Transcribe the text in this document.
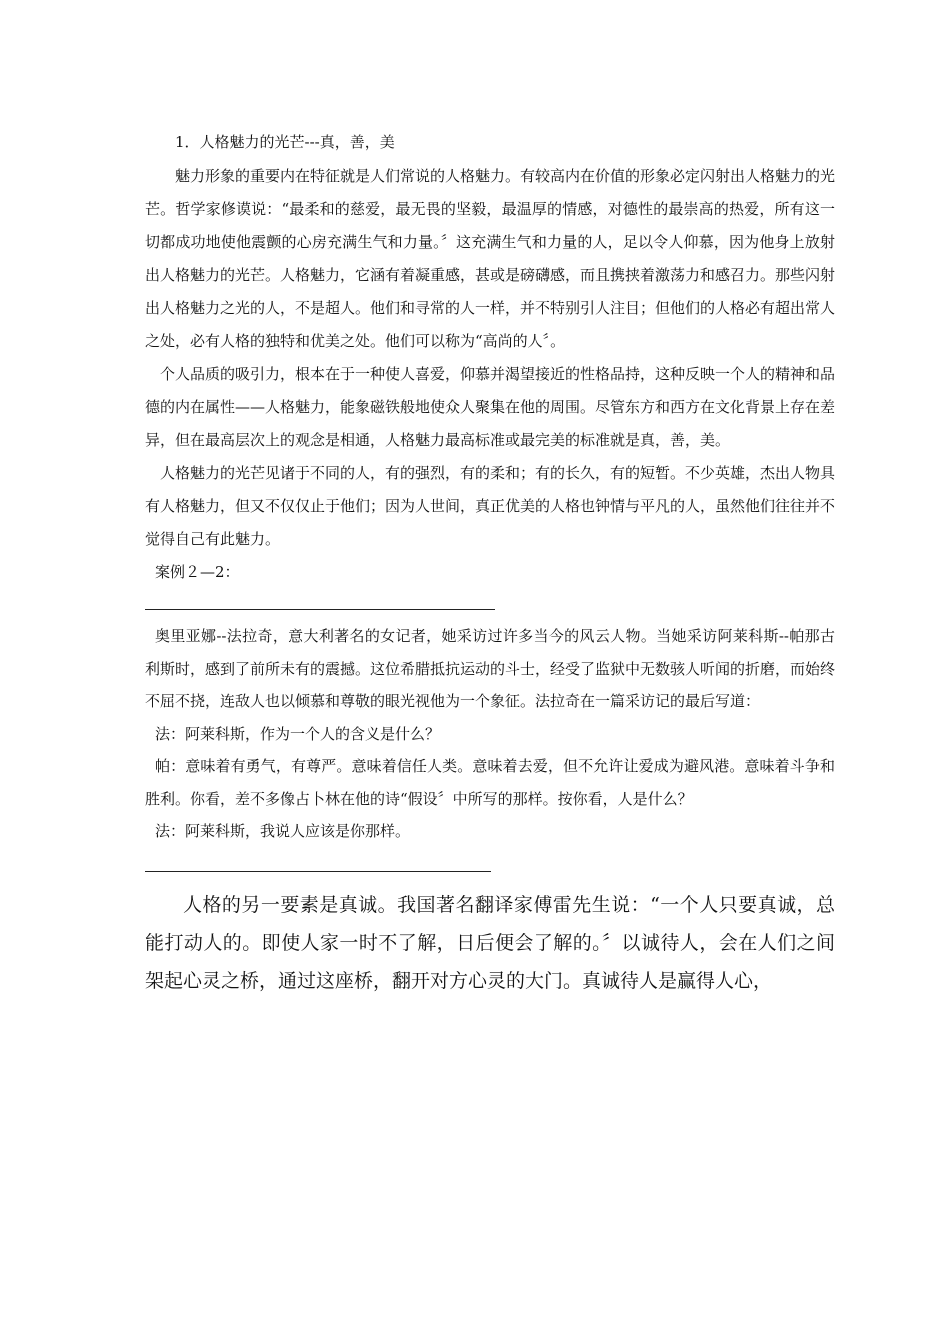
1．人格魅力的光芒---真，善，美

魅力形象的重要内在特征就是人们常说的人格魅力。有较高内在价值的形象必定闪射出人格魅力的光芒。哲学家修谟说：“最柔和的慈爱，最无畏的坚毅，最温厚的情感，对德性的最崇高的热爱，所有这一切都成功地使他震颤的心房充满生气和力量。〞这充满生气和力量的人，足以令人仰慕，因为他身上放射出人格魅力的光芒。人格魅力，它涵有着凝重感，甚或是磅礴感，而且携挟着激荡力和感召力。那些闪射出人格魅力之光的人，不是超人。他们和寻常的人一样，并不特别引人注目；但他们的人格必有超出常人之处，必有人格的独特和优美之处。他们可以称为“高尚的人〞。

个人品质的吸引力，根本在于一种使人喜爱，仰慕并渴望接近的性格品持，这种反映一个人的精神和品德的内在属性——人格魅力，能象磁铁般地使众人聚集在他的周围。尽管东方和西方在文化背景上存在差异，但在最高层次上的观念是相通，人格魅力最高标准或最完美的标准就是真，善，美。

人格魅力的光芒见诸于不同的人，有的强烈，有的柔和；有的长久，有的短暂。不少英雄，杰出人物具有人格魅力，但又不仅仅止于他们；因为人世间，真正优美的人格也钟情与平凡的人，虽然他们往往并不觉得自己有此魅力。

案例２—2：

奥里亚娜--法拉奇，意大利著名的女记者，她采访过许多当今的风云人物。当她采访阿莱科斯--帕那古利斯时，感到了前所未有的震撼。这位希腊抵抗运动的斗士，经受了监狱中无数骇人听闻的折磨，而始终不屈不挠，连敌人也以倾慕和尊敬的眼光视他为一个象征。法拉奇在一篇采访记的最后写道：

法：阿莱科斯，作为一个人的含义是什么？

帕：意味着有勇气，有尊严。意味着信任人类。意味着去爱，但不允许让爱成为避风港。意味着斗争和胜利。你看，差不多像占卜林在他的诗“假设〞中所写的那样。按你看，人是什么？

法：阿莱科斯，我说人应该是你那样。

人格的另一要素是真诚。我国著名翻译家傅雷先生说：“一个人只要真诚，总能打动人的。即使人家一时不了解，日后便会了解的。〞以诚待人，会在人们之间架起心灵之桥，通过这座桥，翻开对方心灵的大门。真诚待人是赢得人心，
